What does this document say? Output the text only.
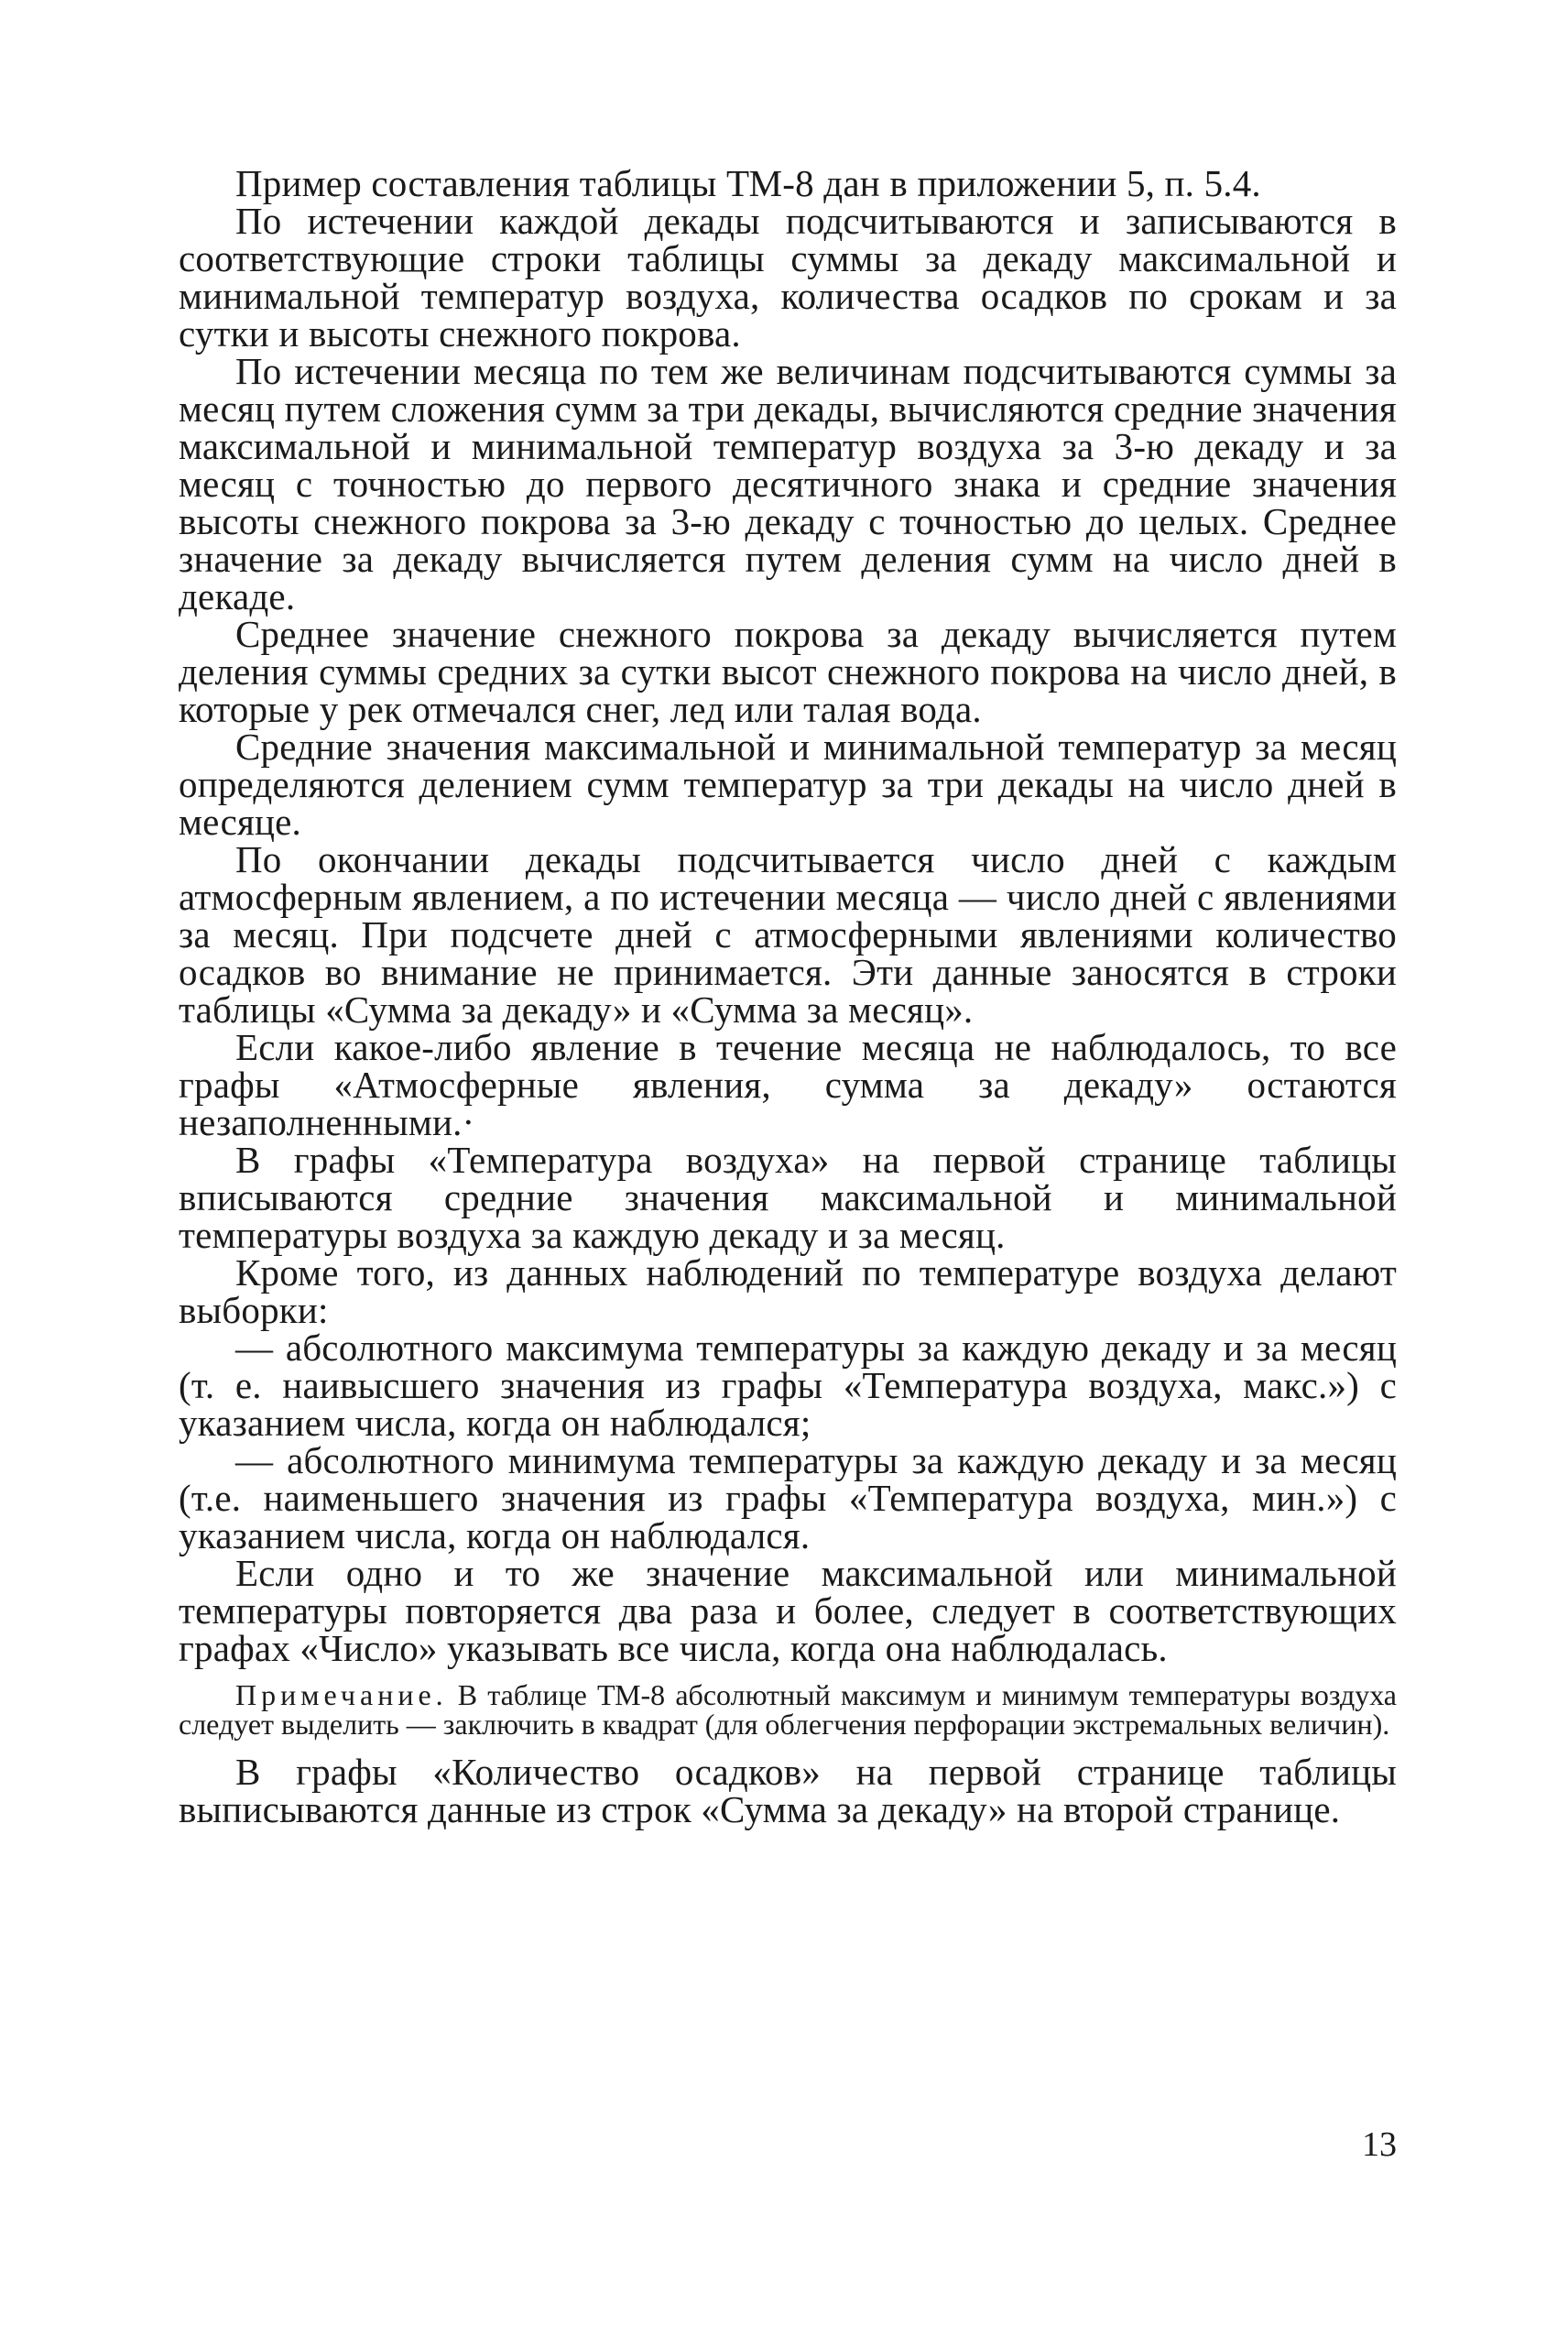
Пример составления таблицы ТМ-8 дан в приложении 5, п. 5.4.

По истечении каждой декады подсчитываются и записываются в соответствующие строки таблицы суммы за декаду максимальной и минимальной температур воздуха, количества осадков по срокам и за сутки и высоты снежного покрова.

По истечении месяца по тем же величинам подсчитываются суммы за месяц путем сложения сумм за три декады, вычисляются средние значения максимальной и минимальной температур воздуха за 3-ю декаду и за месяц с точностью до первого десятичного знака и средние значения высоты снежного покрова за 3-ю декаду с точностью до целых. Среднее значение за декаду вычисляется путем деления сумм на число дней в декаде.

Среднее значение снежного покрова за декаду вычисляется путем деления суммы средних за сутки высот снежного покрова на число дней, в которые у рек отмечался снег, лед или талая вода.

Средние значения максимальной и минимальной температур за месяц определяются делением сумм температур за три декады на число дней в месяце.

По окончании декады подсчитывается число дней с каждым атмосферным явлением, а по истечении месяца — число дней с явлениями за месяц. При подсчете дней с атмосферными явлениями количество осадков во внимание не принимается. Эти данные заносятся в строки таблицы «Сумма за декаду» и «Сумма за месяц».

Если какое-либо явление в течение месяца не наблюдалось, то все графы «Атмосферные явления, сумма за декаду» остаются незаполненными.·

В графы «Температура воздуха» на первой странице таблицы вписываются средние значения максимальной и минимальной температуры воздуха за каждую декаду и за месяц.

Кроме того, из данных наблюдений по температуре воздуха делают выборки:

— абсолютного максимума температуры за каждую декаду и за месяц (т. е. наивысшего значения из графы «Температура воздуха, макс.») с указанием числа, когда он наблюдался;

— абсолютного минимума температуры за каждую декаду и за месяц (т.е. наименьшего значения из графы «Температура воздуха, мин.») с указанием числа, когда он наблюдался.

Если одно и то же значение максимальной или минимальной температуры повторяется два раза и более, следует в соответствующих графах «Число» указывать все числа, когда она наблюдалась.

Примечание. В таблице ТМ-8 абсолютный максимум и минимум температуры воздуха следует выделить — заключить в квадрат (для облегчения перфорации экстремальных величин).

В графы «Количество осадков» на первой странице таблицы выписываются данные из строк «Сумма за декаду» на второй странице.

13
